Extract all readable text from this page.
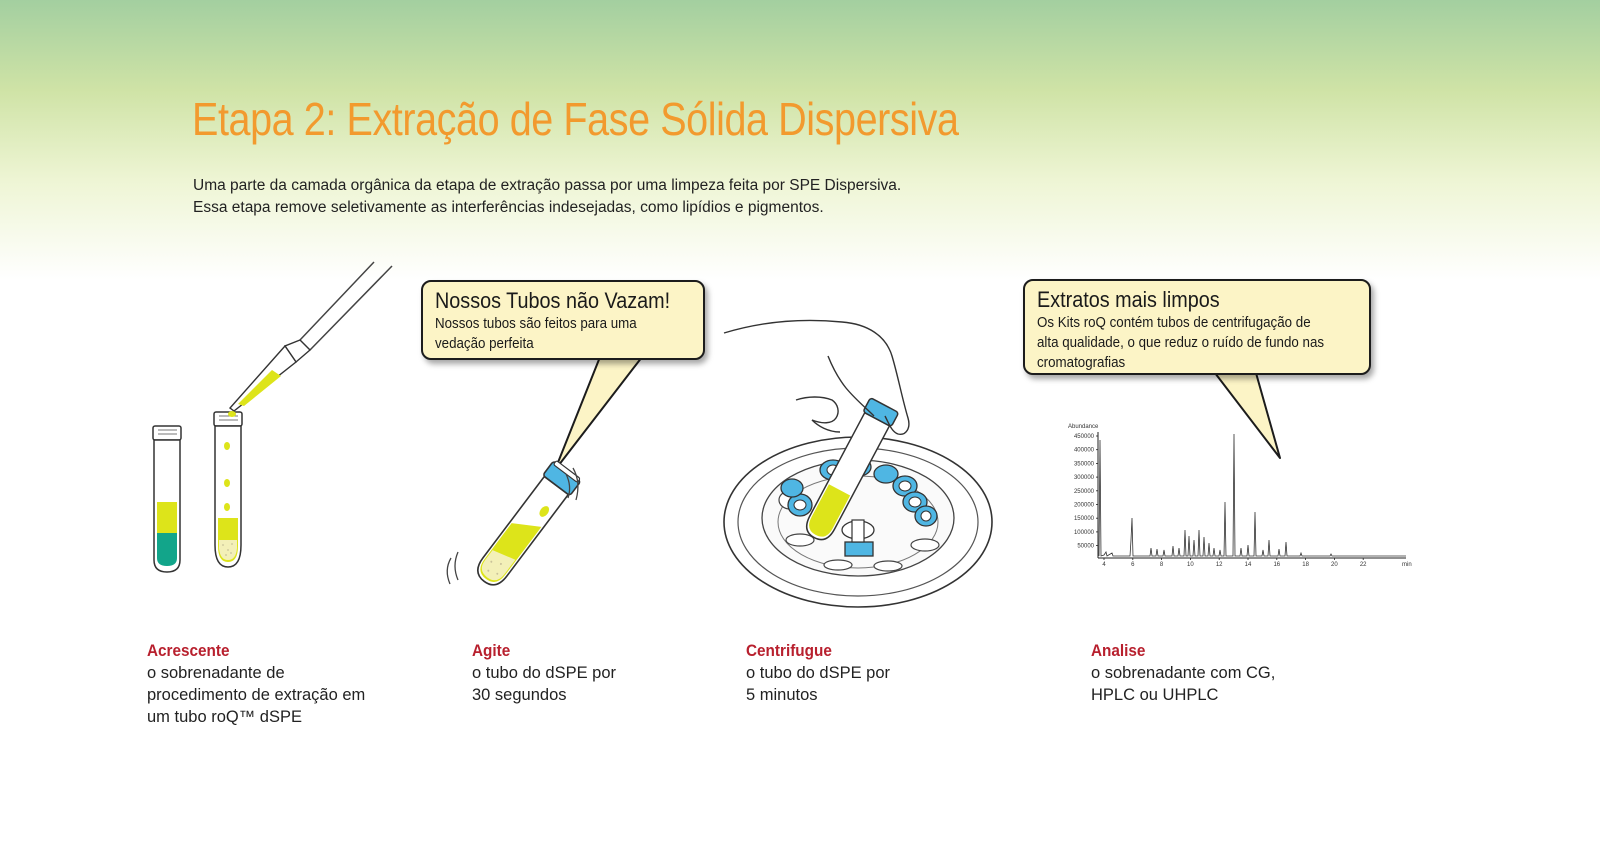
Etapa 2: Extração de Fase Sólida Dispersiva
Uma parte da camada orgânica da etapa de extração passa por uma limpeza feita por SPE Dispersiva.
Essa etapa remove seletivamente as interferências indesejadas, como lipídios e pigmentos.
Abundance
450000
400000
350000
300000
250000
200000
150000
100000
50000
4	6	8	10	12	14	16	18	20	22	min
Nossos Tubos não Vazam!
Nossos tubos são feitos para uma
vedação perfeita
Extratos mais limpos
Os Kits roQ contém tubos de centrifugação de
alta qualidade, o que reduz o ruído de fundo nas
cromatografias
Acrescente
o sobrenadante de
procedimento de extração em
um tubo roQ™ dSPE
Agite
o tubo do dSPE por
30 segundos
Centrifugue
o tubo do dSPE por
5 minutos
Analise
o sobrenadante com CG,
HPLC ou UHPLC
